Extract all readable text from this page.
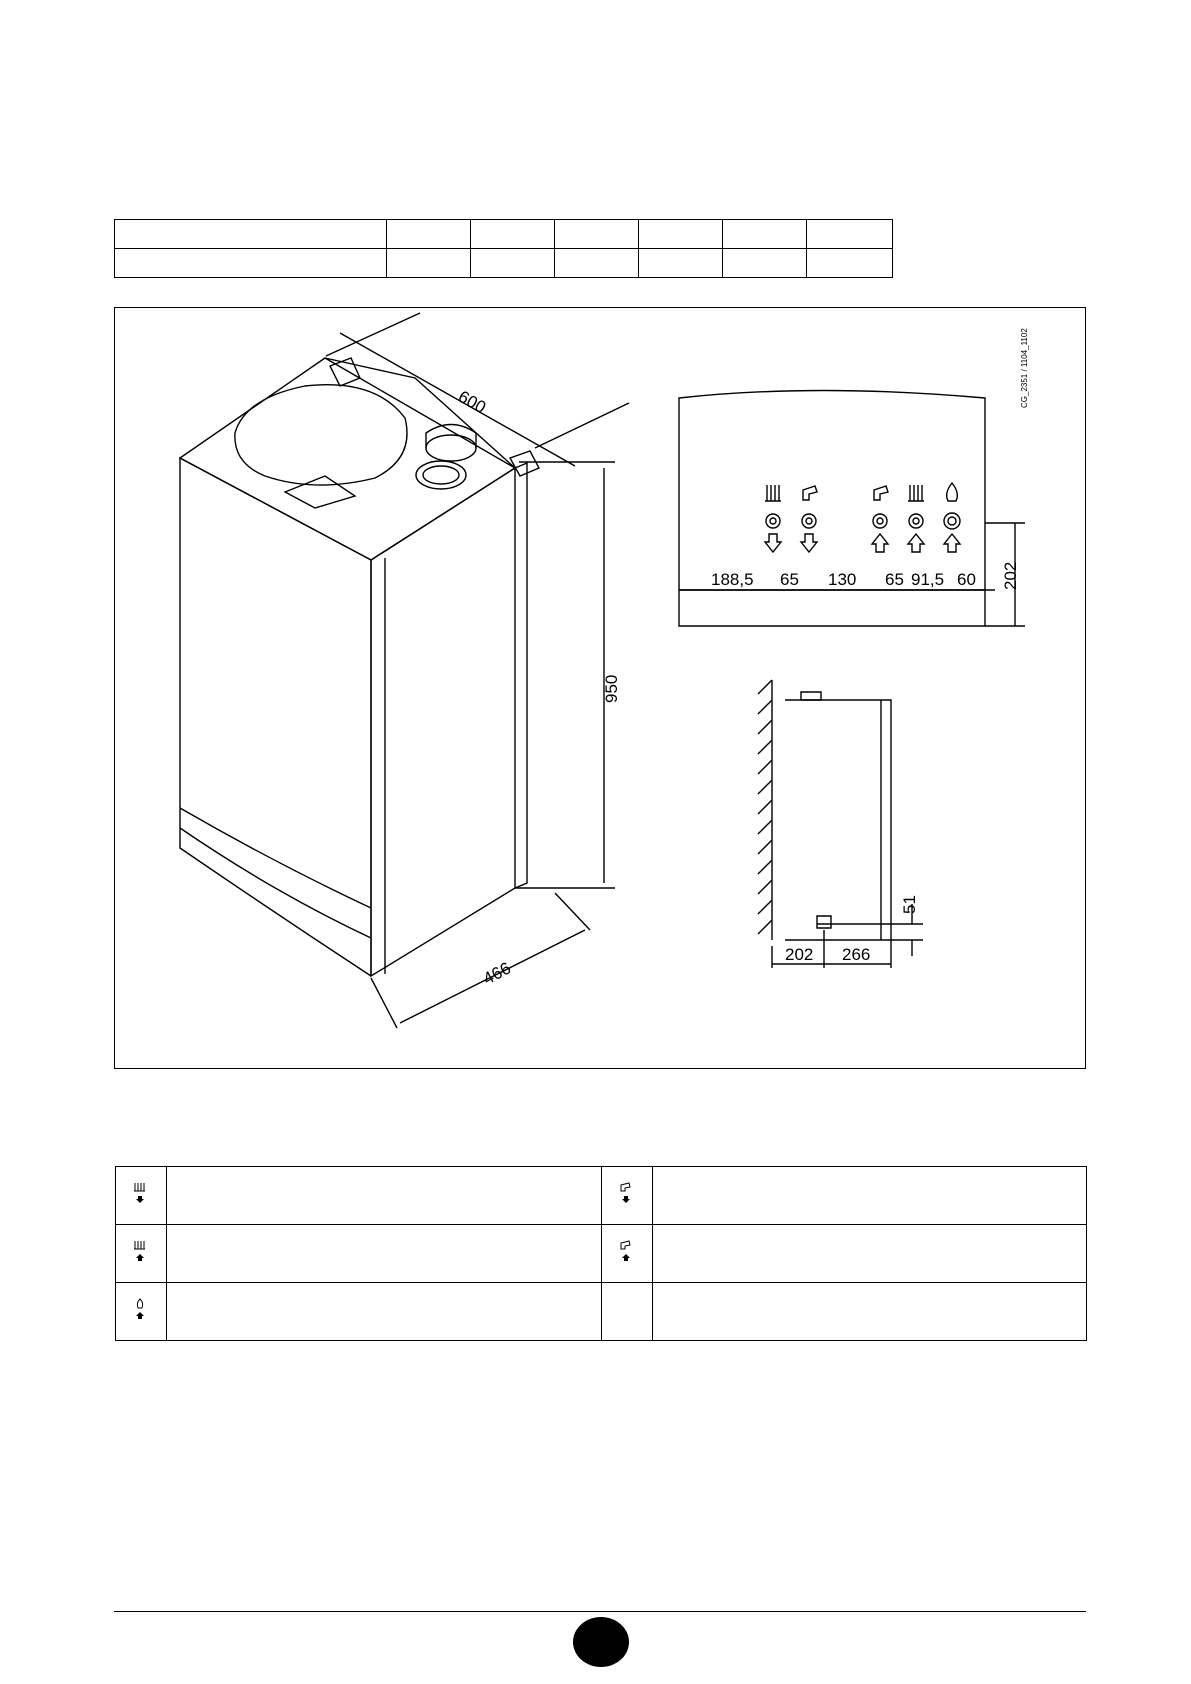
600
950
466
188,5 65 130 65 91,5 60 202
CG_2351 / 1104_1102
51
202 266
